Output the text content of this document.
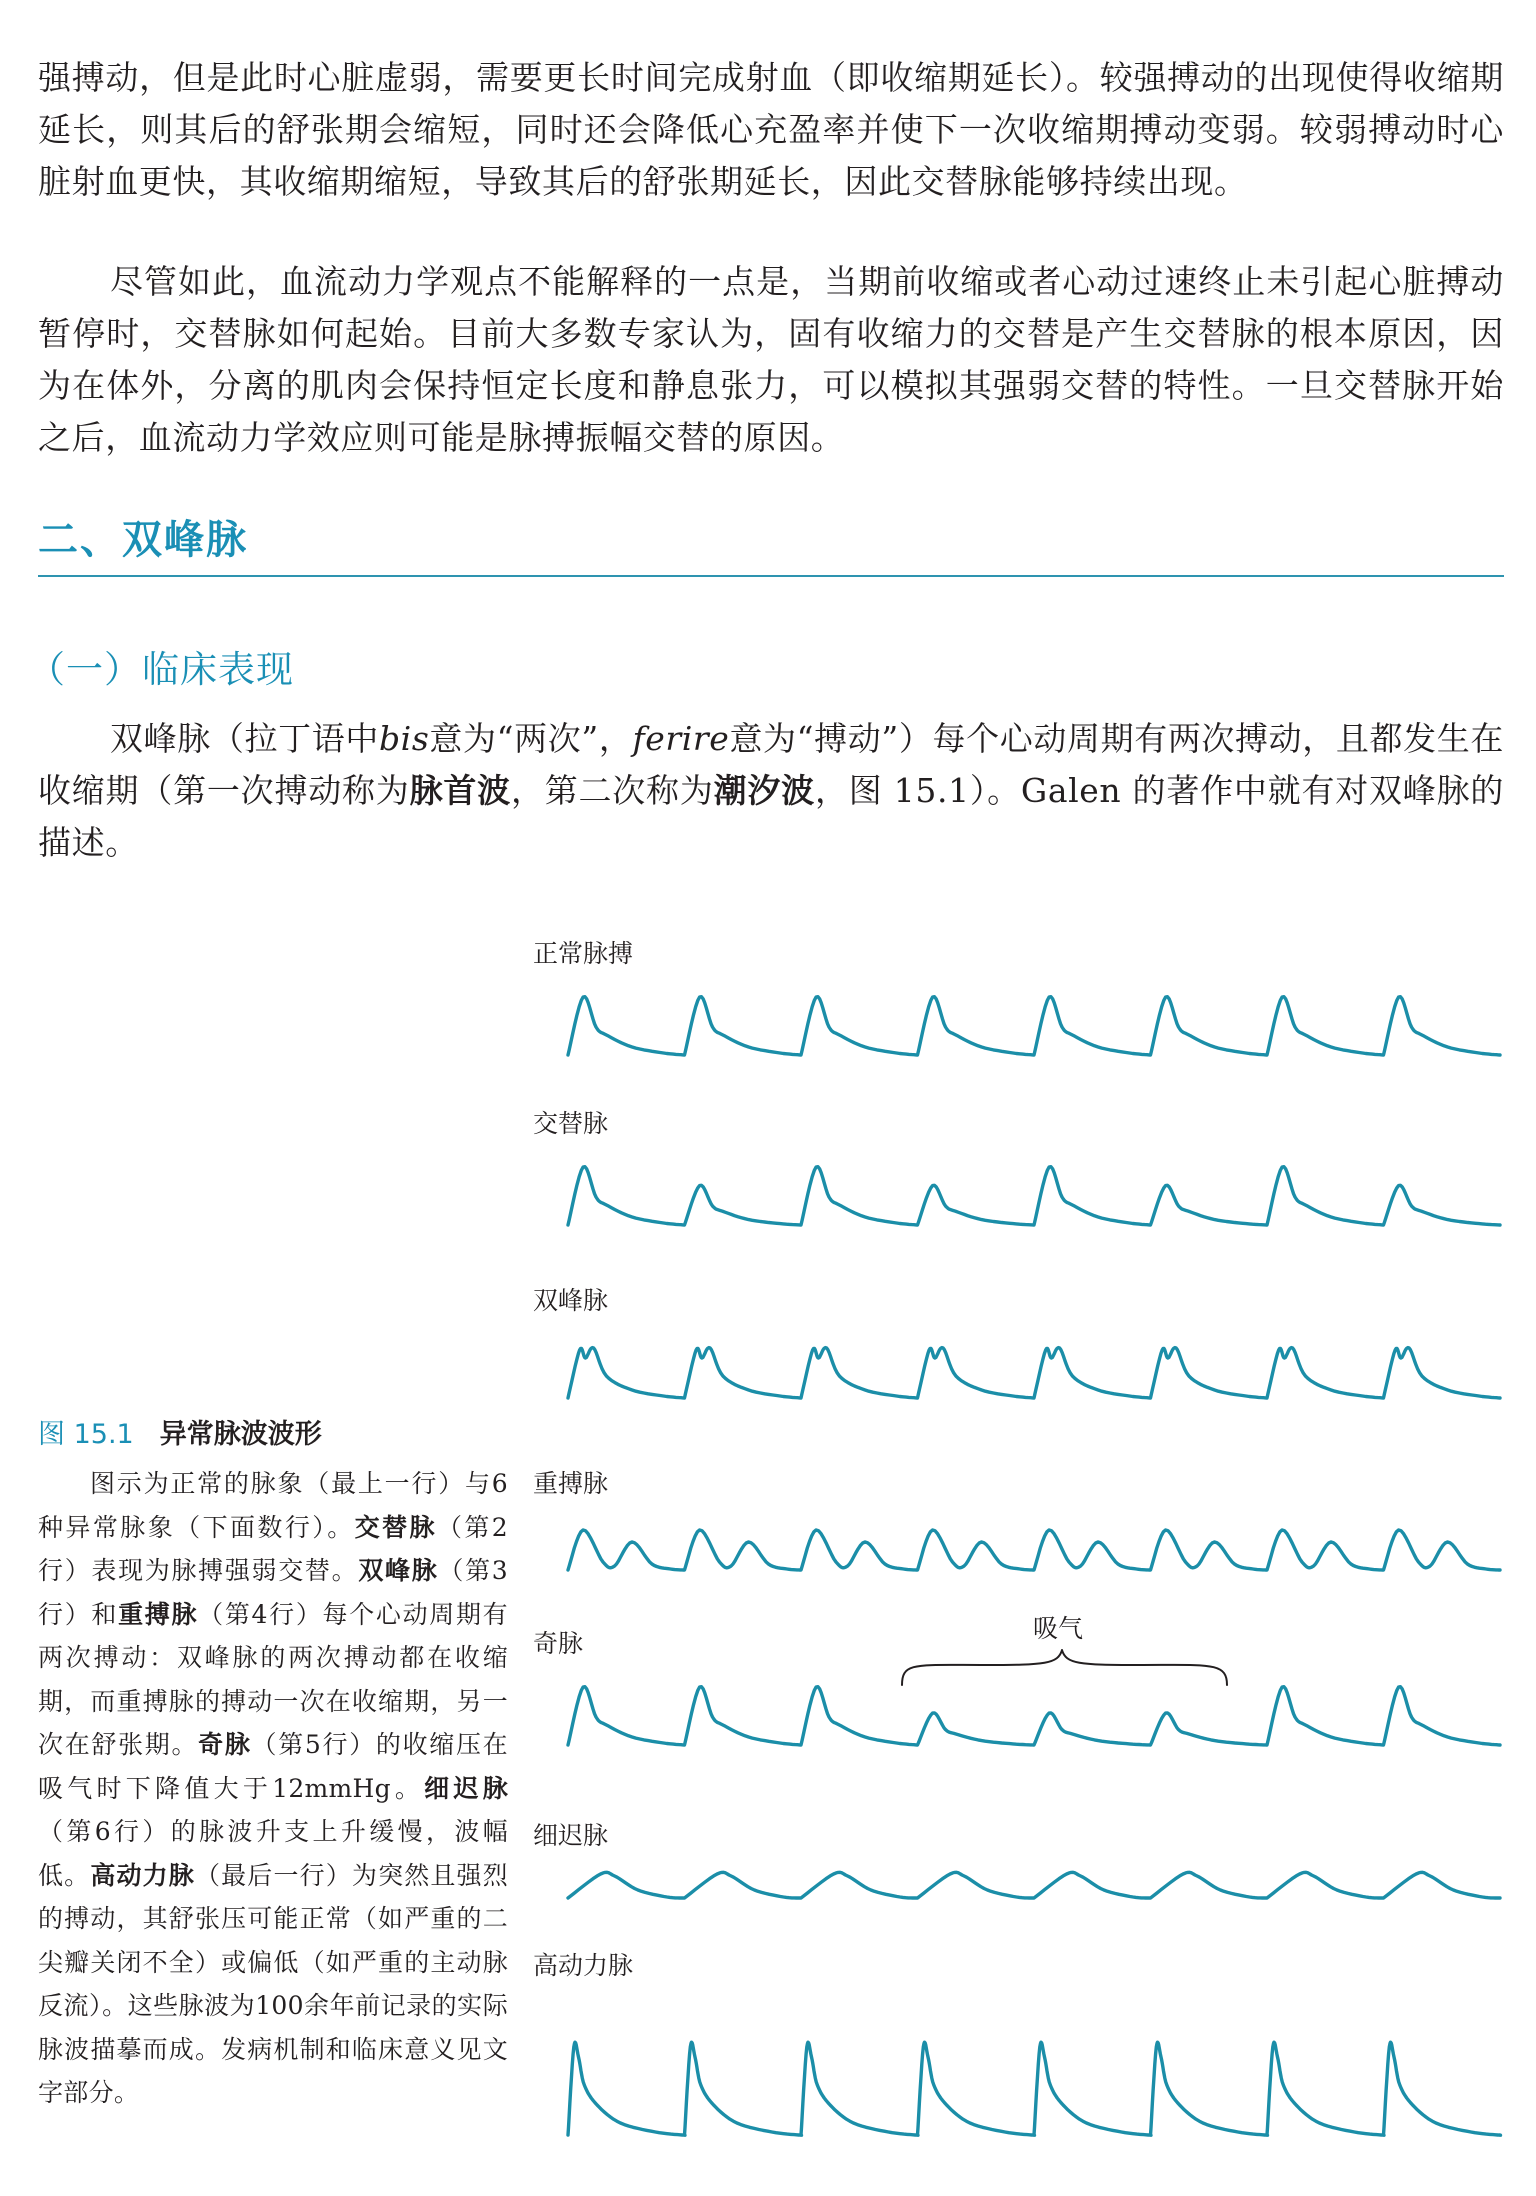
强搏动，但是此时心脏虚弱，需要更长时间完成射血（即收缩期延长）。较强搏动的出现使得收缩期延长，则其后的舒张期会缩短，同时还会降低心充盈率并使下一次收缩期搏动变弱。较弱搏动时心脏射血更快，其收缩期缩短，导致其后的舒张期延长，因此交替脉能够持续出现。

尽管如此，血流动力学观点不能解释的一点是，当期前收缩或者心动过速终止未引起心脏搏动暂停时，交替脉如何起始。目前大多数专家认为，固有收缩力的交替是产生交替脉的根本原因，因为在体外，分离的肌肉会保持恒定长度和静息张力，可以模拟其强弱交替的特性。一旦交替脉开始之后，血流动力学效应则可能是脉搏振幅交替的原因。

二、双峰脉
（一）临床表现

双峰脉（拉丁语中bis意为“两次”，ferire意为“搏动”）每个心动周期有两次搏动，且都发生在收缩期（第一次搏动称为脉首波，第二次称为潮汐波，图 15.1）。Galen 的著作中就有对双峰脉的描述。

图 15.1 异常脉波波形

图示为正常的脉象（最上一行）与6种异常脉象（下面数行）。交替脉（第2行）表现为脉搏强弱交替。双峰脉（第3行）和重搏脉（第4行）每个心动周期有两次搏动：双峰脉的两次搏动都在收缩期，而重搏脉的搏动一次在收缩期，另一次在舒张期。奇脉（第5行）的收缩压在吸气时下降值大于12mmHg。细迟脉（第6行）的脉波升支上升缓慢，波幅低。高动力脉（最后一行）为突然且强烈的搏动，其舒张压可能正常（如严重的二尖瓣关闭不全）或偏低（如严重的主动脉反流）。这些脉波为100余年前记录的实际脉波描摹而成。发病机制和临床意义见文字部分。

正常脉搏
交替脉
双峰脉
重搏脉
奇脉
细迟脉
高动力脉
吸气
